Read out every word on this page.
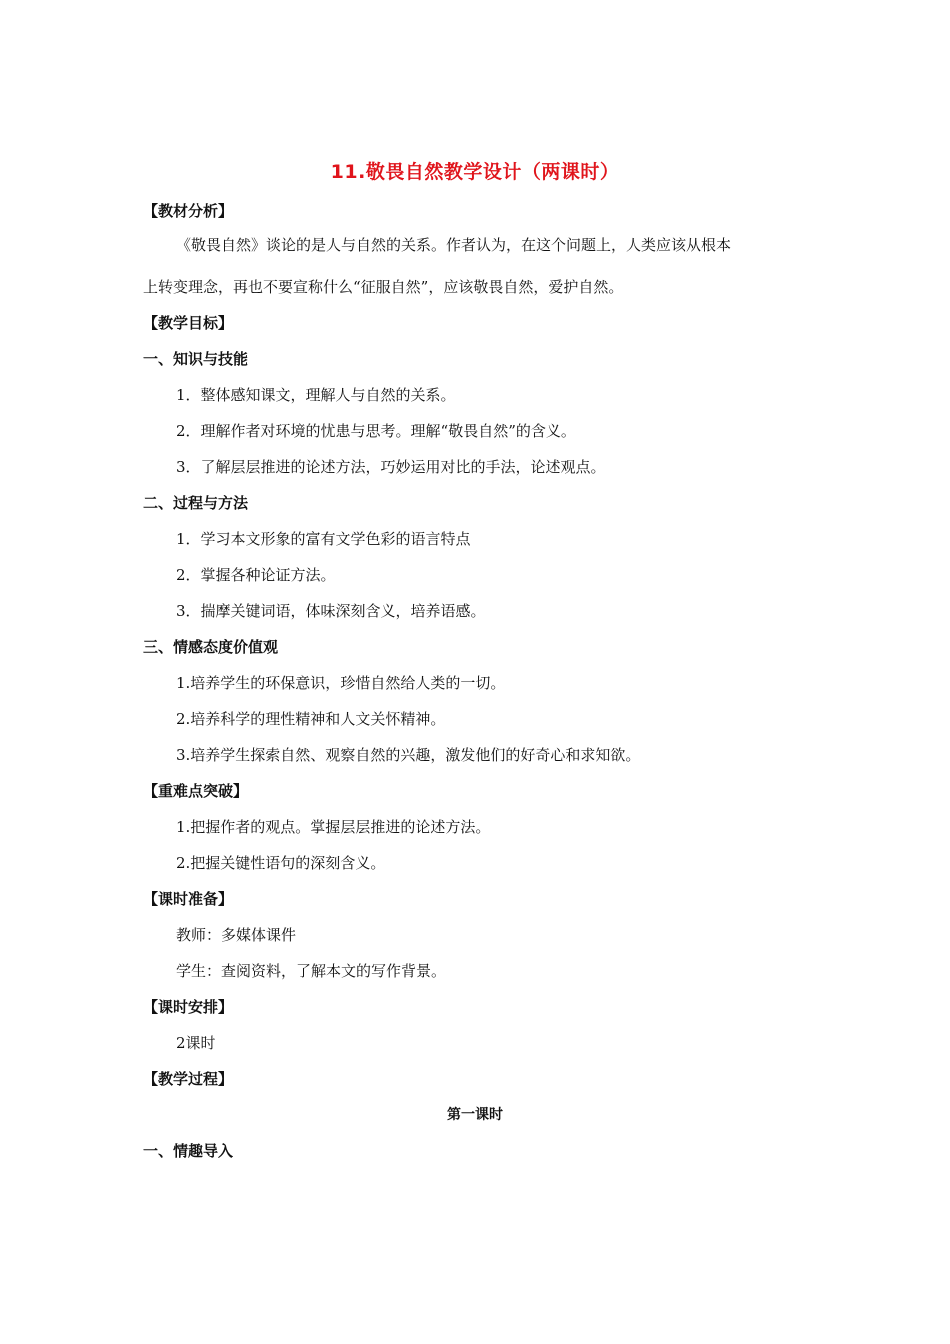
11.敬畏自然教学设计（两课时）
【教材分析】
《敬畏自然》谈论的是人与自然的关系。作者认为，在这个问题上，人类应该从根本
上转变理念，再也不要宣称什么“征服自然”，应该敬畏自然，爱护自然。
【教学目标】
一、知识与技能
1．整体感知课文，理解人与自然的关系。
2．理解作者对环境的忧患与思考。理解“敬畏自然”的含义。
3．了解层层推进的论述方法，巧妙运用对比的手法，论述观点。
二、过程与方法
1．学习本文形象的富有文学色彩的语言特点
2．掌握各种论证方法。
3．揣摩关键词语，体味深刻含义，培养语感。
三、情感态度价值观
1.培养学生的环保意识，珍惜自然给人类的一切。
2.培养科学的理性精神和人文关怀精神。
3.培养学生探索自然、观察自然的兴趣，激发他们的好奇心和求知欲。
【重难点突破】
1.把握作者的观点。掌握层层推进的论述方法。
2.把握关键性语句的深刻含义。
【课时准备】
教师：多媒体课件
学生：查阅资料，了解本文的写作背景。
【课时安排】
2课时
【教学过程】
第一课时
一、情趣导入
